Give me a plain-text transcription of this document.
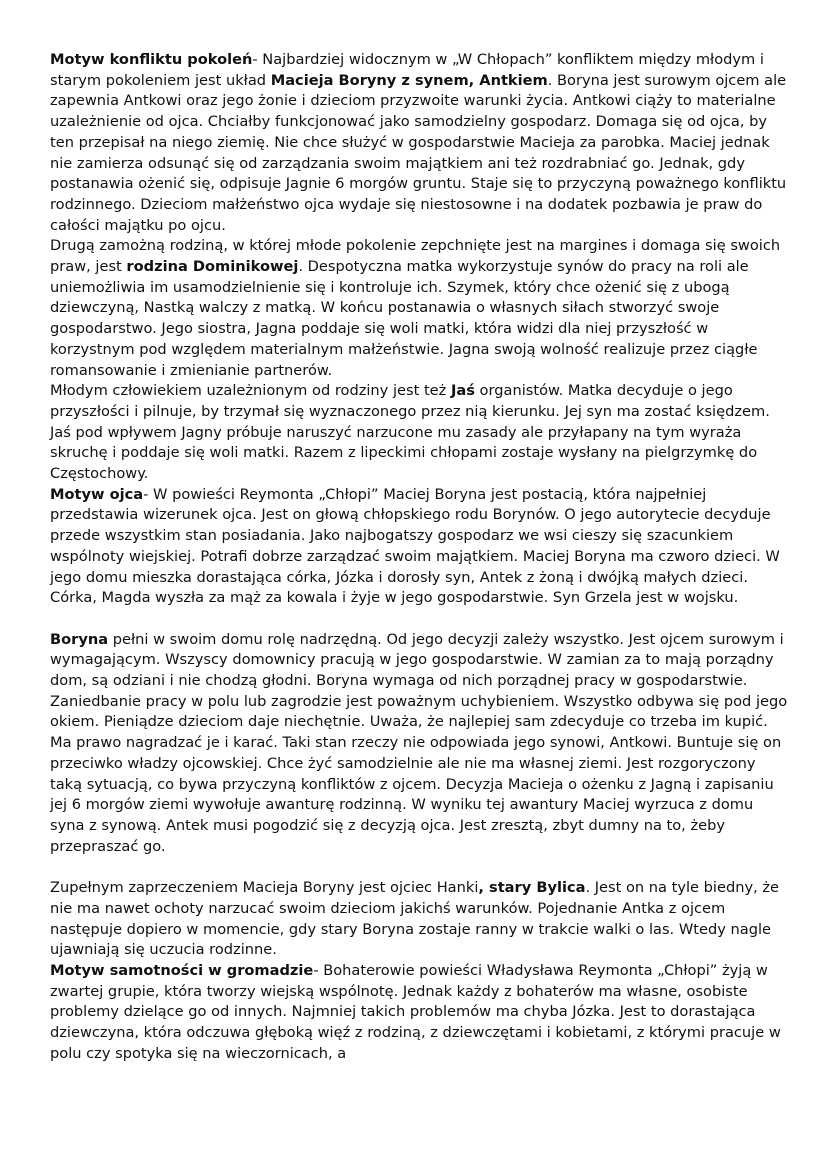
Motyw konfliktu pokoleń- Najbardziej widocznym w „W Chłopach” konfliktem między młodym i starym pokoleniem jest układ Macieja Boryny z synem, Antkiem. Boryna jest surowym ojcem ale zapewnia Antkowi oraz jego żonie i dzieciom przyzwoite warunki życia. Antkowi ciąży to materialne uzależnienie od ojca. Chciałby funkcjonować jako samodzielny gospodarz. Domaga się od ojca, by ten przepisał na niego ziemię. Nie chce służyć w gospodarstwie Macieja za parobka. Maciej jednak nie zamierza odsunąć się od zarządzania swoim majątkiem ani też rozdrabniać go. Jednak, gdy postanawia ożenić się, odpisuje Jagnie 6 morgów gruntu. Staje się to przyczyną poważnego konfliktu rodzinnego. Dzieciom małżeństwo ojca wydaje się niestosowne i na dodatek pozbawia je praw do całości majątku po ojcu.

Drugą zamożną rodziną, w której młode pokolenie zepchnięte jest na margines i domaga się swoich praw, jest rodzina Dominikowej. Despotyczna matka wykorzystuje synów do pracy na roli ale uniemożliwia im usamodzielnienie się i kontroluje ich. Szymek, który chce ożenić się z ubogą dziewczyną, Nastką walczy z matką. W końcu postanawia o własnych siłach stworzyć swoje gospodarstwo. Jego siostra, Jagna poddaje się woli matki, która widzi dla niej przyszłość w korzystnym pod względem materialnym małżeństwie. Jagna swoją wolność realizuje przez ciągłe romansowanie i zmienianie partnerów.

Młodym człowiekiem uzależnionym od rodziny jest też Jaś organistów. Matka decyduje o jego przyszłości i pilnuje, by trzymał się wyznaczonego przez nią kierunku. Jej syn ma zostać księdzem. Jaś pod wpływem Jagny próbuje naruszyć narzucone mu zasady ale przyłapany na tym wyraża skruchę i poddaje się woli matki. Razem z lipeckimi chłopami zostaje wysłany na pielgrzymkę do Częstochowy.

Motyw ojca- W powieści Reymonta „Chłopi” Maciej Boryna jest postacią, która najpełniej przedstawia wizerunek ojca. Jest on głową chłopskiego rodu Borynów. O jego autorytecie decyduje przede wszystkim stan posiadania. Jako najbogatszy gospodarz we wsi cieszy się szacunkiem wspólnoty wiejskiej. Potrafi dobrze zarządzać swoim majątkiem. Maciej Boryna ma czworo dzieci. W jego domu mieszka dorastająca córka, Józka i dorosły syn, Antek z żoną i dwójką małych dzieci. Córka, Magda wyszła za mąż za kowala i żyje w jego gospodarstwie. Syn Grzela jest w wojsku.

Boryna pełni w swoim domu rolę nadrzędną. Od jego decyzji zależy wszystko. Jest ojcem surowym i wymagającym. Wszyscy domownicy pracują w jego gospodarstwie. W zamian za to mają porządny dom, są odziani i nie chodzą głodni. Boryna wymaga od nich porządnej pracy w gospodarstwie. Zaniedbanie pracy w polu lub zagrodzie jest poważnym uchybieniem. Wszystko odbywa się pod jego okiem. Pieniądze dzieciom daje niechętnie. Uważa, że najlepiej sam zdecyduje co trzeba im kupić. Ma prawo nagradzać je i karać. Taki stan rzeczy nie odpowiada jego synowi, Antkowi. Buntuje się on przeciwko władzy ojcowskiej. Chce żyć samodzielnie ale nie ma własnej ziemi. Jest rozgoryczony taką sytuacją, co bywa przyczyną konfliktów z ojcem. Decyzja Macieja o ożenku z Jagną i zapisaniu jej 6 morgów ziemi wywołuje awanturę rodzinną. W wyniku tej awantury Maciej wyrzuca z domu syna z synową. Antek musi pogodzić się z decyzją ojca. Jest zresztą, zbyt dumny na to, żeby przepraszać go.

Zupełnym zaprzeczeniem Macieja Boryny jest ojciec Hanki, stary Bylica. Jest on na tyle biedny, że nie ma nawet ochoty narzucać swoim dzieciom jakichś warunków. Pojednanie Antka z ojcem następuje dopiero w momencie, gdy stary Boryna zostaje ranny w trakcie walki o las. Wtedy nagle ujawniają się uczucia rodzinne.

Motyw samotności w gromadzie- Bohaterowie powieści Władysława Reymonta „Chłopi” żyją w zwartej grupie, która tworzy wiejską wspólnotę. Jednak każdy z bohaterów ma własne, osobiste problemy dzielące go od innych. Najmniej takich problemów ma chyba Józka. Jest to dorastająca dziewczyna, która odczuwa głęboką więź z rodziną, z dziewczętami i kobietami, z którymi pracuje w polu czy spotyka się na wieczornicach, a
